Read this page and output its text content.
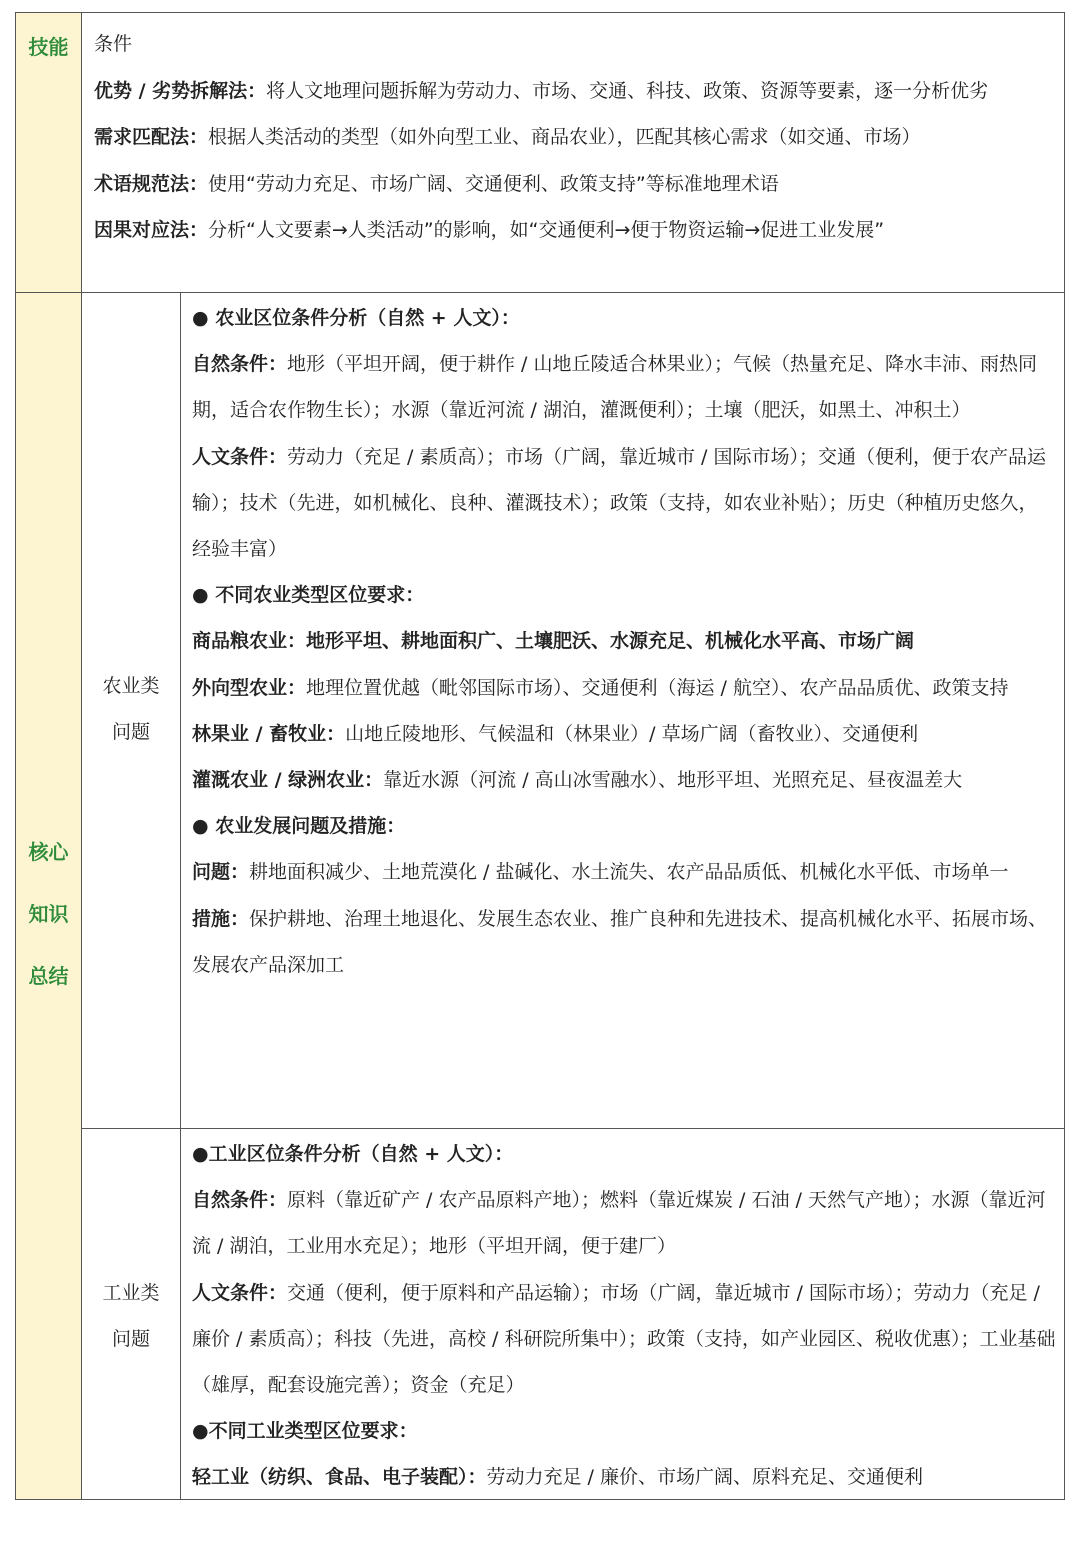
技能	条件

优势 / 劣势拆解法：将人文地理问题拆解为劳动力、市场、交通、科技、政策、资源等要素，逐一分析优劣

需求匹配法：根据人类活动的类型（如外向型工业、商品农业），匹配其核心需求（如交通、市场）

术语规范法：使用“劳动力充足、市场广阔、交通便利、政策支持”等标准地理术语

因果对应法：分析“人文要素→人类活动”的影响，如“交通便利→便于物资运输→促进工业发展”

核心
知识
总结
农业类
问题

● 农业区位条件分析（自然 + 人文）：

自然条件：地形（平坦开阔，便于耕作 / 山地丘陵适合林果业）；气候（热量充足、降水丰沛、雨热同期，适合农作物生长）；水源（靠近河流 / 湖泊，灌溉便利）；土壤（肥沃，如黑土、冲积土）

人文条件：劳动力（充足 / 素质高）；市场（广阔，靠近城市 / 国际市场）；交通（便利，便于农产品运输）；技术（先进，如机械化、良种、灌溉技术）；政策（支持，如农业补贴）；历史（种植历史悠久，经验丰富）

● 不同农业类型区位要求：

商品粮农业：地形平坦、耕地面积广、土壤肥沃、水源充足、机械化水平高、市场广阔

外向型农业：地理位置优越（毗邻国际市场）、交通便利（海运 / 航空）、农产品品质优、政策支持

林果业 / 畜牧业：山地丘陵地形、气候温和（林果业）/ 草场广阔（畜牧业）、交通便利

灌溉农业 / 绿洲农业：靠近水源（河流 / 高山冰雪融水）、地形平坦、光照充足、昼夜温差大

● 农业发展问题及措施：

问题：耕地面积减少、土地荒漠化 / 盐碱化、水土流失、农产品品质低、机械化水平低、市场单一

措施：保护耕地、治理土地退化、发展生态农业、推广良种和先进技术、提高机械化水平、拓展市场、发展农产品深加工

工业类
问题

●工业区位条件分析（自然 + 人文）：

自然条件：原料（靠近矿产 / 农产品原料产地）；燃料（靠近煤炭 / 石油 / 天然气产地）；水源（靠近河流 / 湖泊，工业用水充足）；地形（平坦开阔，便于建厂）

人文条件：交通（便利，便于原料和产品运输）；市场（广阔，靠近城市 / 国际市场）；劳动力（充足 / 廉价 / 素质高）；科技（先进，高校 / 科研院所集中）；政策（支持，如产业园区、税收优惠）；工业基础（雄厚，配套设施完善）；资金（充足）

●不同工业类型区位要求：

轻工业（纺织、食品、电子装配）：劳动力充足 / 廉价、市场广阔、原料充足、交通便利
